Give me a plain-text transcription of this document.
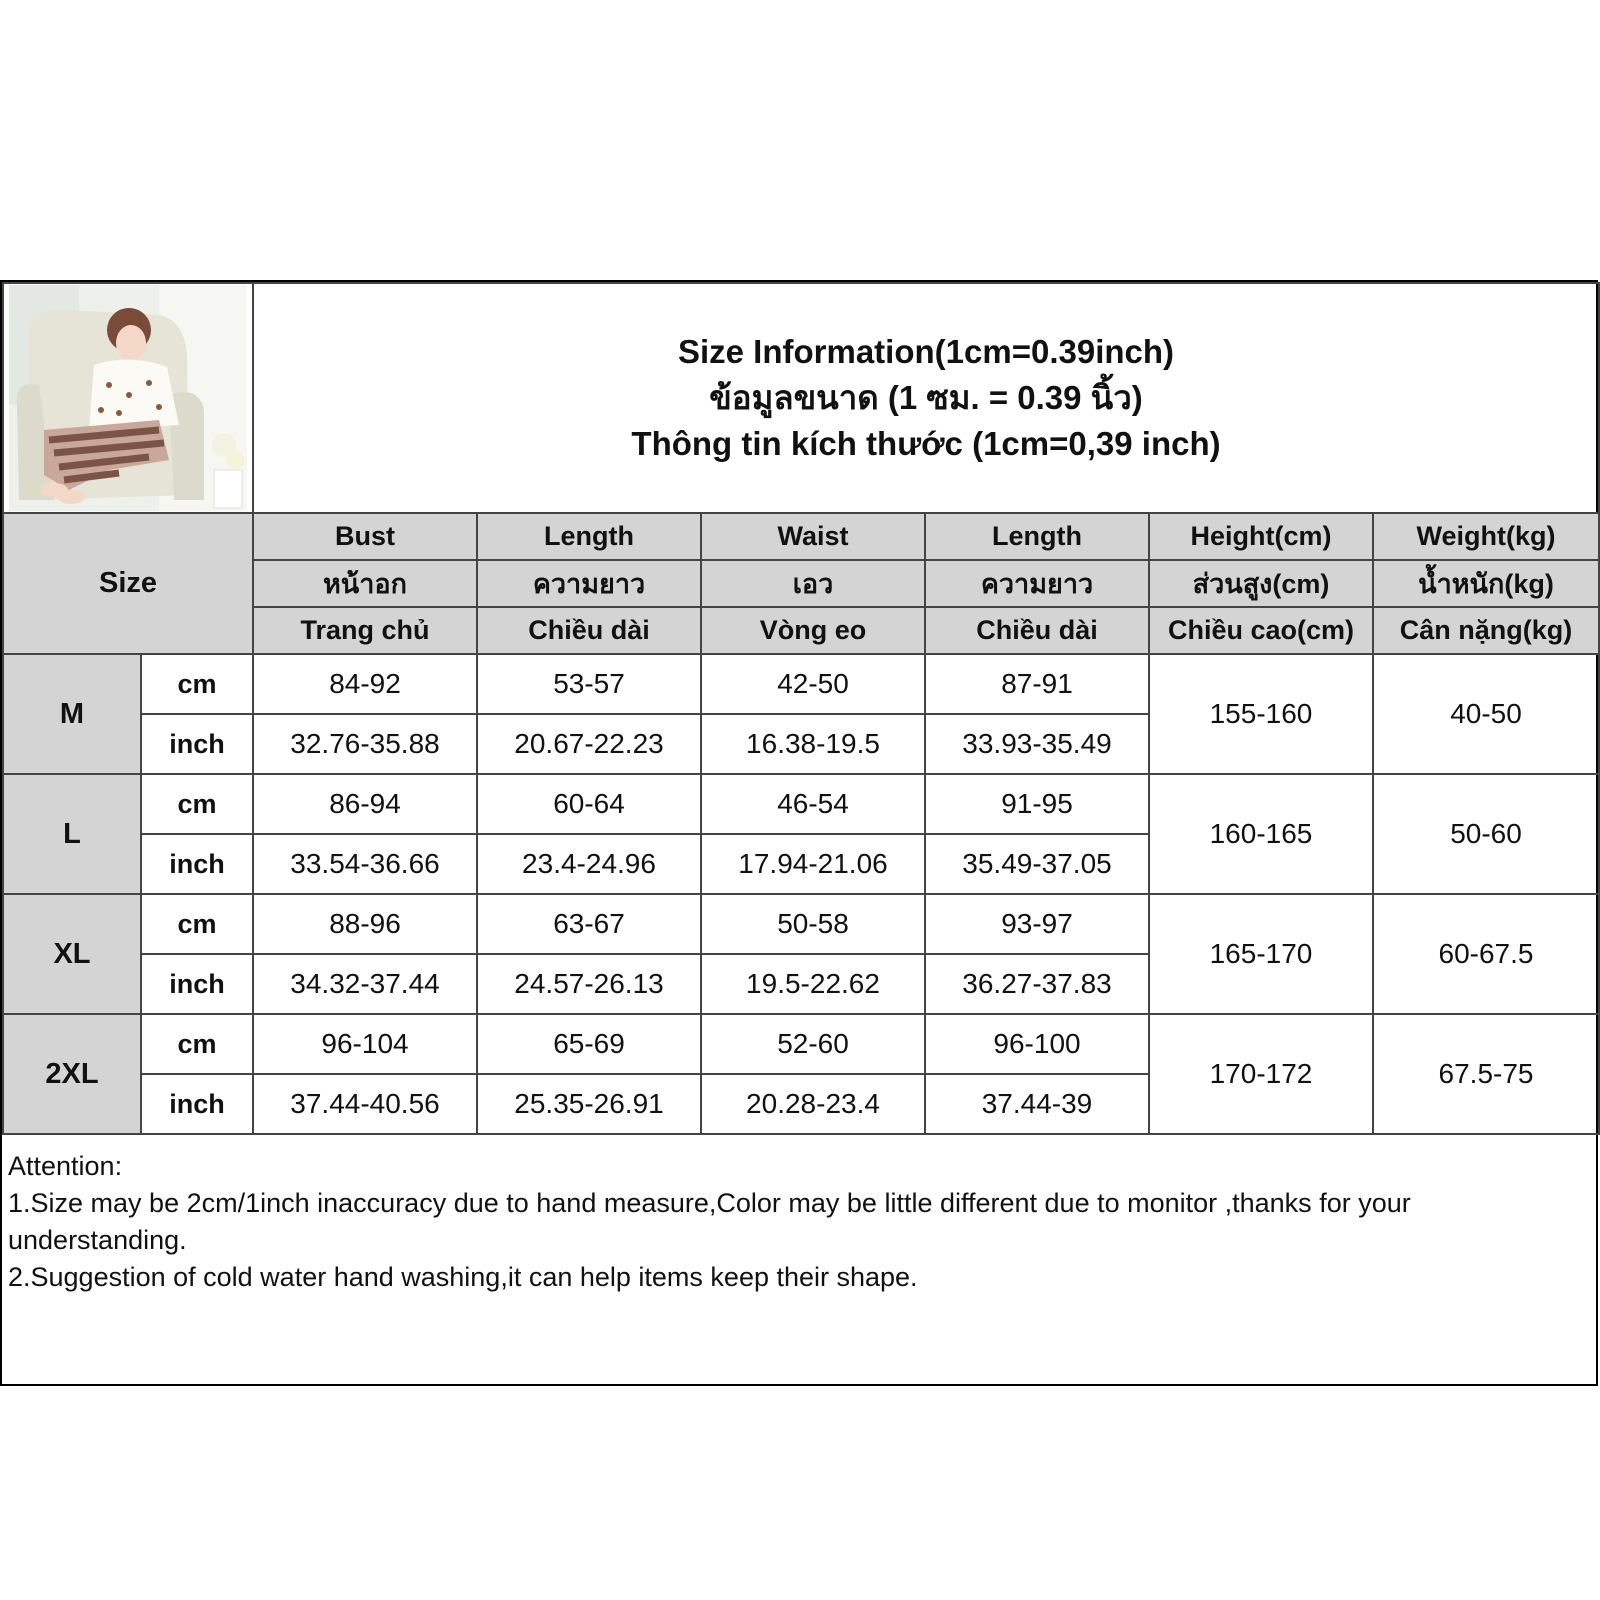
Size Information(1cm=0.39inch)
ข้อมูลขนาด (1 ซม. = 0.39 นิ้ว)
Thông tin kích thước (1cm=0,39 inch)					

Size		Bust	Length	Waist	Length	Height(cm)	Weight(kg)
		หน้าอก	ความยาว	เอว	ความยาว	ส่วนสูง(cm)	น้ำหนัก(kg)
		Trang chủ	Chiều dài	Vòng eo	Chiều dài	Chiều cao(cm)	Cân nặng(kg)
M	cm	84-92	53-57	42-50	87-91	155-160	40-50
	inch	32.76-35.88	20.67-22.23	16.38-19.5	33.93-35.49		
L	cm	86-94	60-64	46-54	91-95	160-165	50-60
	inch	33.54-36.66	23.4-24.96	17.94-21.06	35.49-37.05		
XL	cm	88-96	63-67	50-58	93-97	165-170	60-67.5
	inch	34.32-37.44	24.57-26.13	19.5-22.62	36.27-37.83		
2XL	cm	96-104	65-69	52-60	96-100	170-172	67.5-75
	inch	37.44-40.56	25.35-26.91	20.28-23.4	37.44-39		
Attention:
1.Size may be 2cm/1inch inaccuracy due to hand measure,Color may be little different due to monitor ,thanks for your understanding.
2.Suggestion of cold water hand washing,it can help items keep their shape.
